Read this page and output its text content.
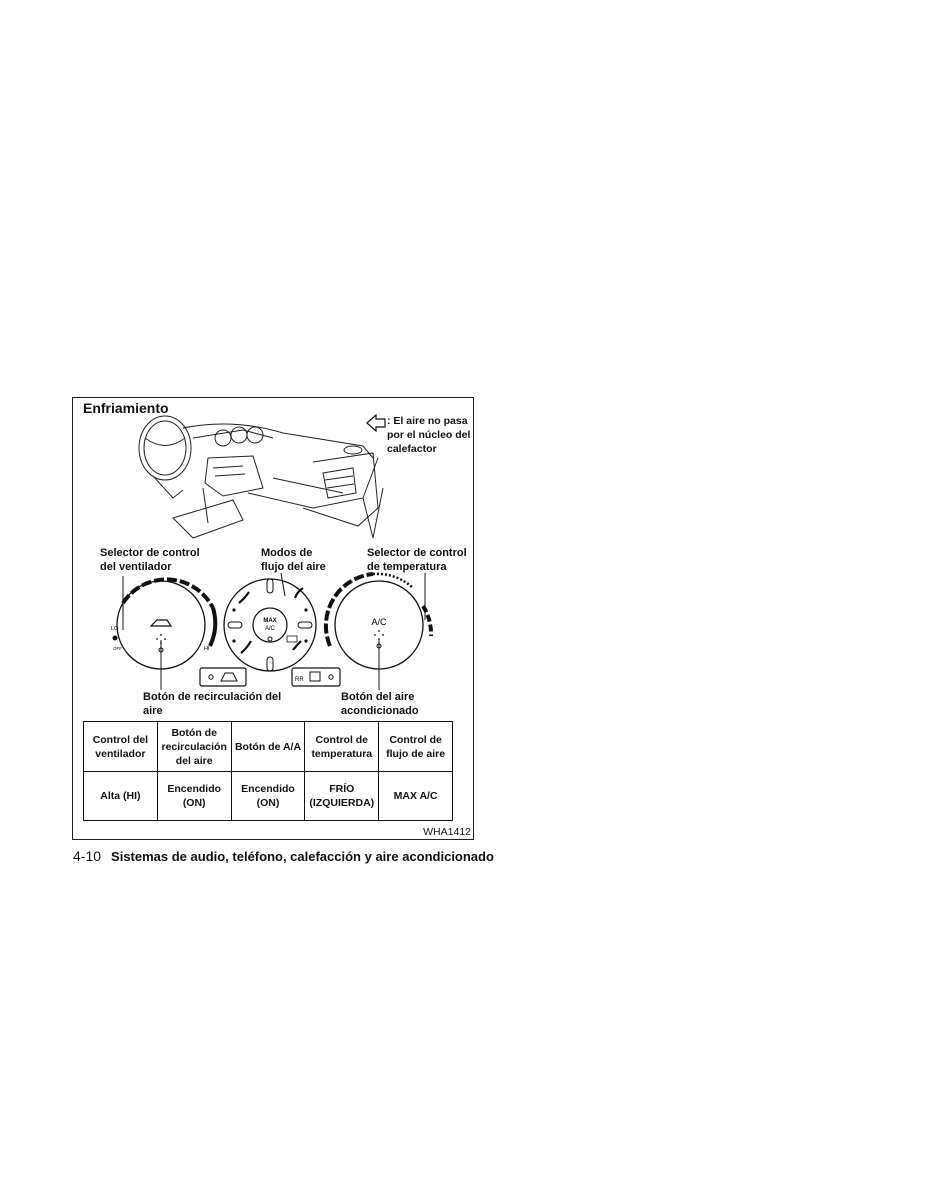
Enfriamiento
: El aire no pasa por el núcleo del calefactor
LO
OFF	HI
MAX
A/C
A/C
RR
Selector de control del ventilador
Modos de flujo del aire
Selector de control de temperatura
Botón de recirculación del aire
Botón del aire acondicionado
Control del ventilador	Botón de recirculación del aire	Botón de A/A	Control de temperatura	Control de flujo de aire
Alta (HI)	Encendido (ON)	Encendido (ON)	FRÍO (IZQUIERDA)	MAX A/C
WHA1412
4-10 Sistemas de audio, teléfono, calefacción y aire acondicionado
